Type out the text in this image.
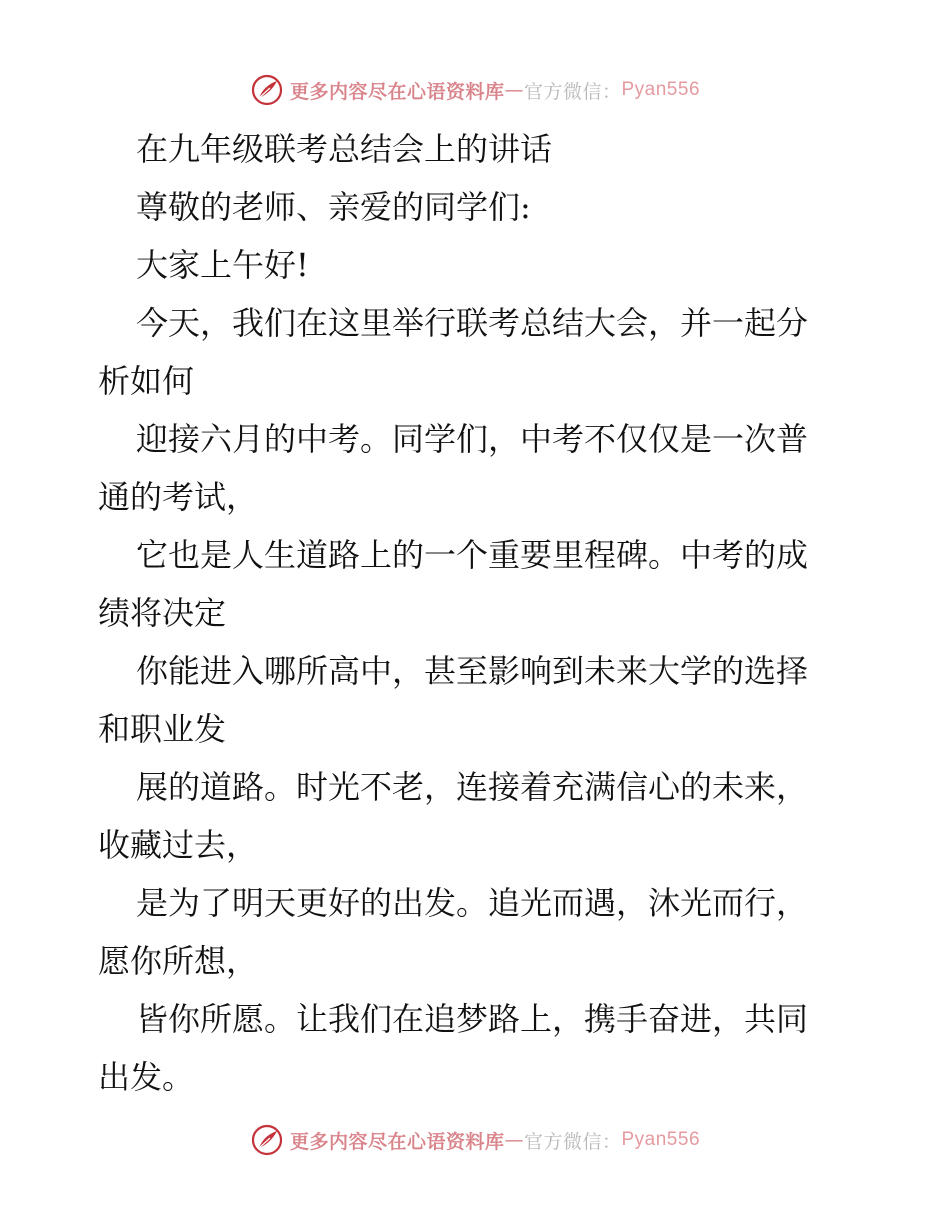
更多内容尽在心语资料库 — 官方微信： Pyan556
在九年级联考总结会上的讲话
尊敬的老师、亲爱的同学们:
大家上午好!
今天，我们在这里举行联考总结大会，并一起分
析如何
迎接六月的中考。同学们，中考不仅仅是一次普
通的考试，
它也是人生道路上的一个重要里程碑。中考的成
绩将决定
你能进入哪所高中，甚至影响到未来大学的选择
和职业发
展的道路。时光不老，连接着充满信心的未来，
收藏过去，
是为了明天更好的出发。追光而遇，沐光而行，
愿你所想，
皆你所愿。让我们在追梦路上，携手奋进，共同
出发。
更多内容尽在心语资料库 — 官方微信： Pyan556
